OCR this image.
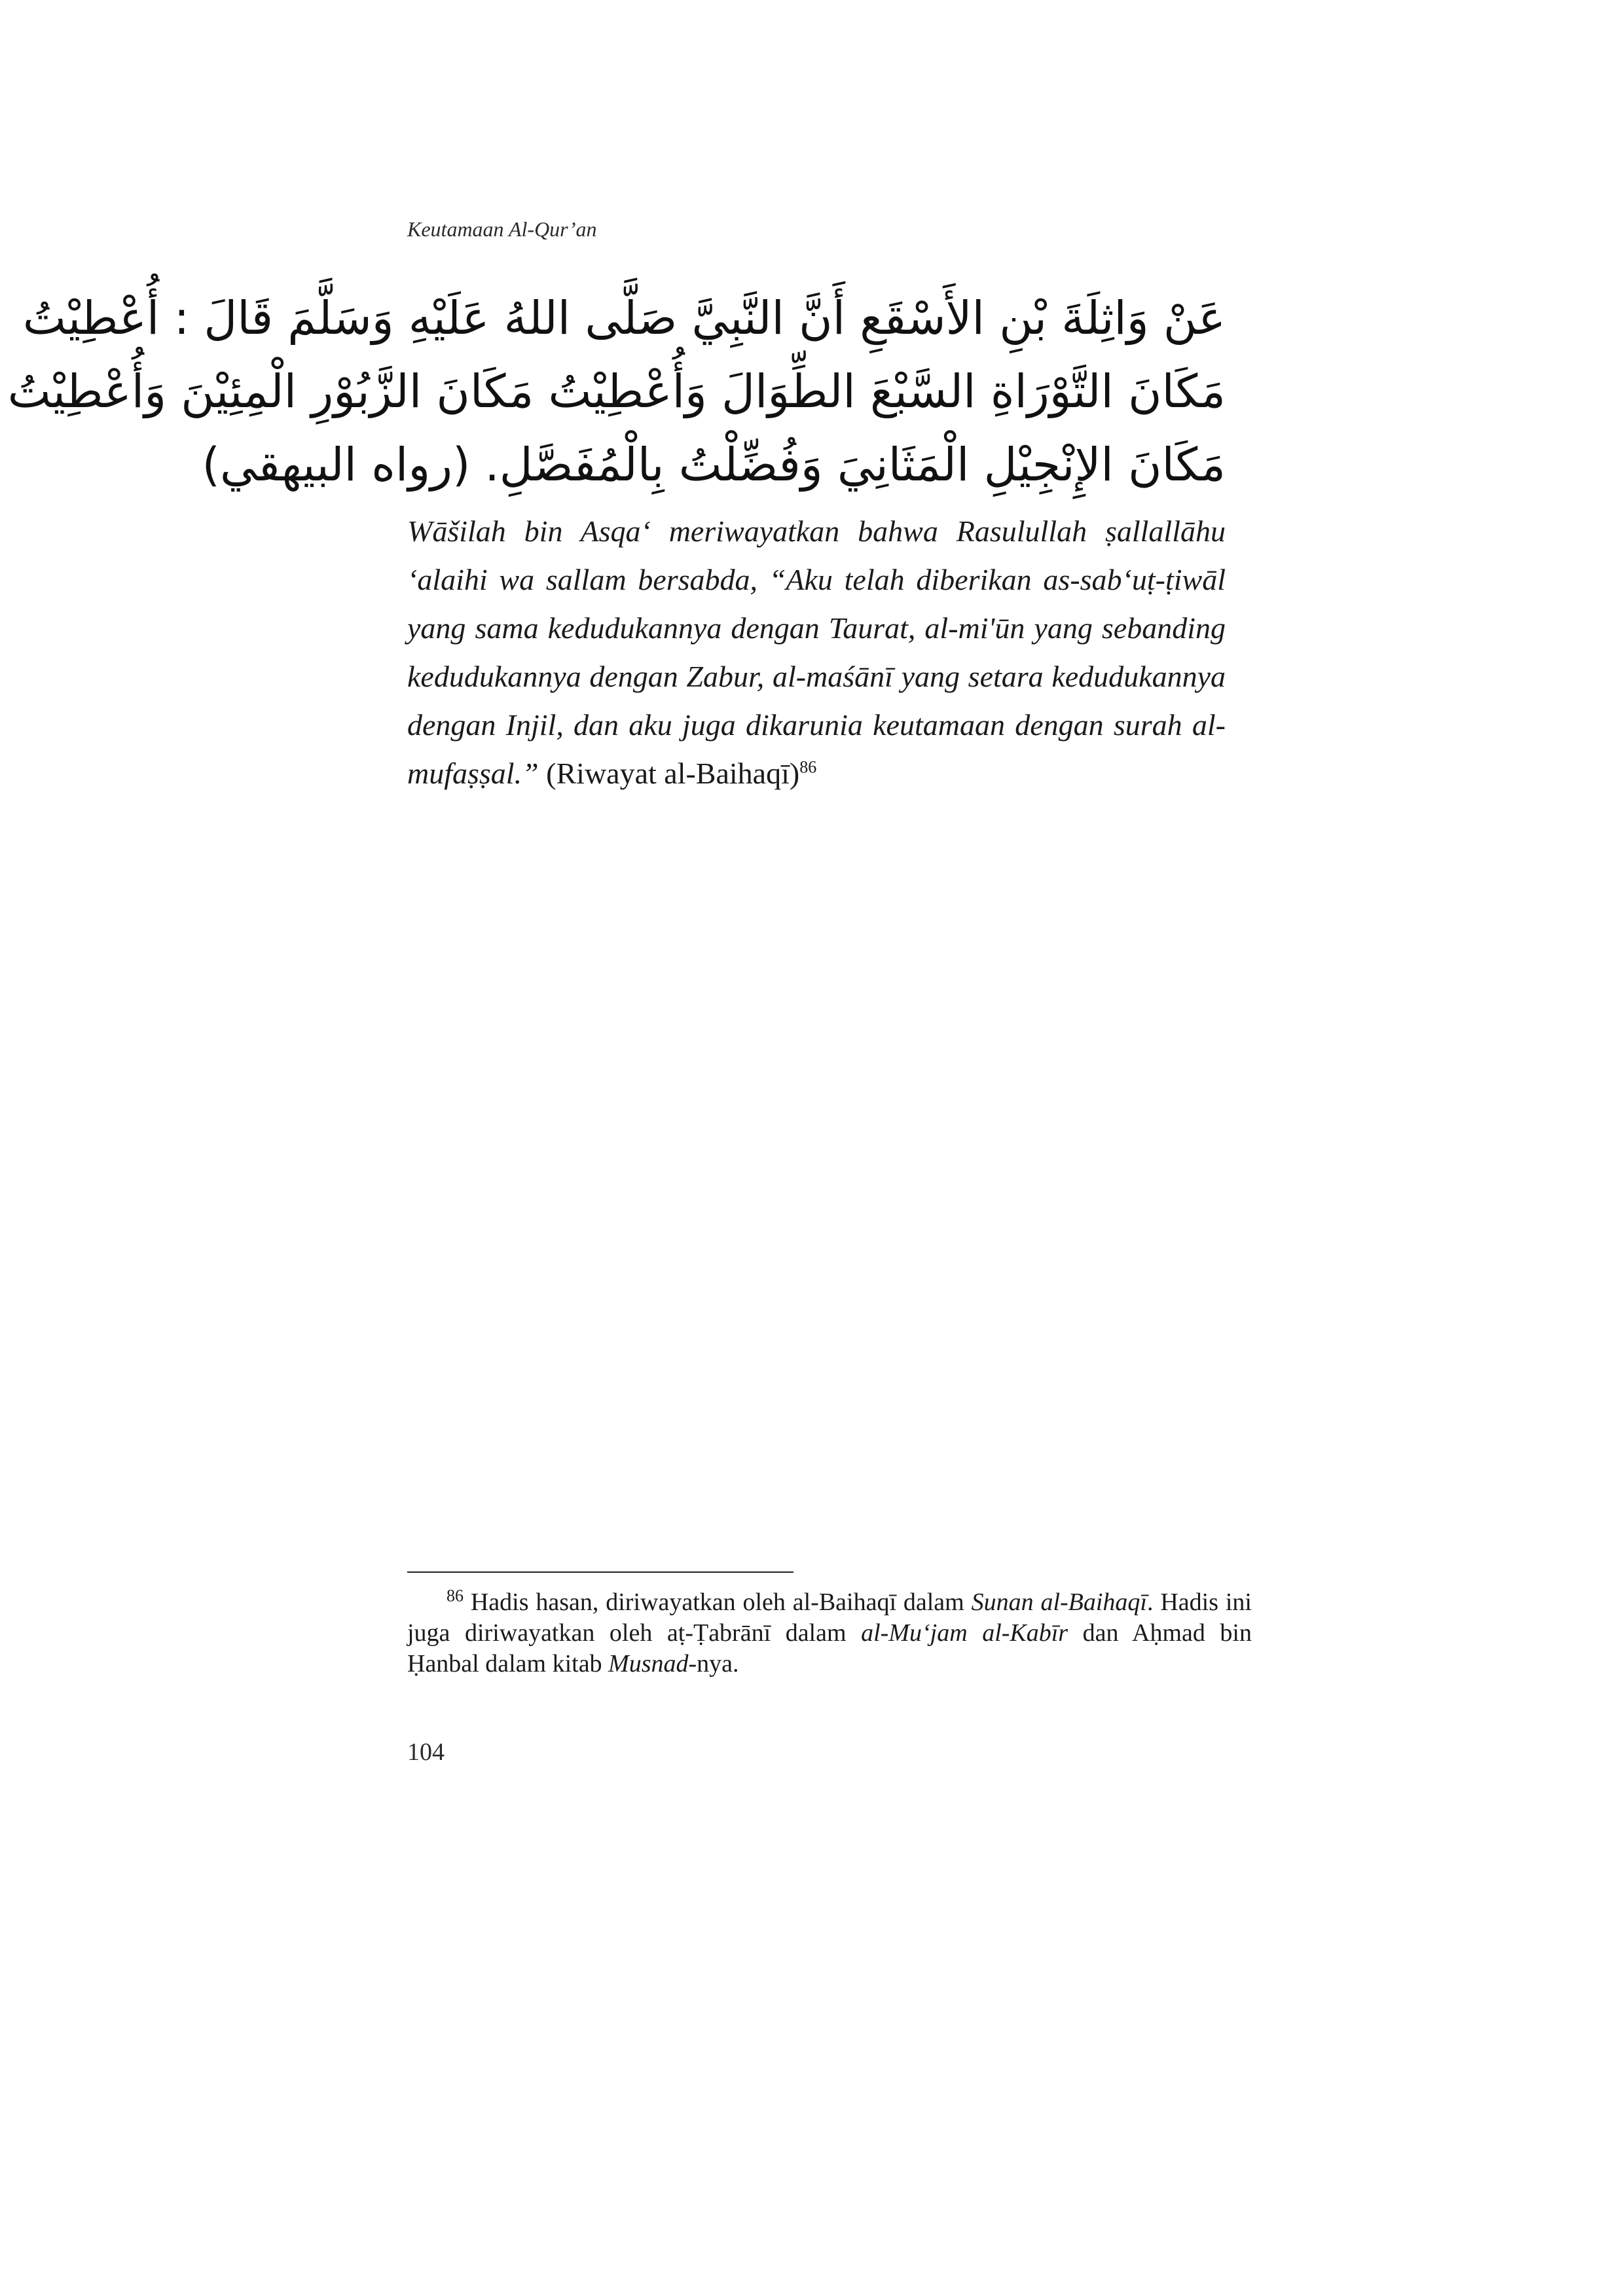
Keutamaan Al-Qur’an

عَنْ وَاثِلَةَ بْنِ الأَسْقَعِ أَنَّ النَّبِيَّ صَلَّى اللهُ عَلَيْهِ وَسَلَّمَ قَالَ : أُعْطِيْتُ
مَكَانَ التَّوْرَاةِ السَّبْعَ الطِّوَالَ وَأُعْطِيْتُ مَكَانَ الزَّبُوْرِ الْمِئِيْنَ وَأُعْطِيْتُ
مَكَانَ الإِنْجِيْلِ الْمَثَانِيَ وَفُضِّلْتُ بِالْمُفَصَّلِ. (رواه البيهقي)

Wāšilah bin Asqa‘ meriwayatkan bahwa Rasulullah ṣallallāhu ‘alaihi wa sallam bersabda, “Aku telah diberikan as-sab‘uṭ-ṭiwāl yang sama kedudukannya dengan Taurat, al-mi'ūn yang sebanding kedudukannya dengan Zabur, al-maśānī yang setara kedudukannya dengan Injil, dan aku juga dikarunia keutamaan dengan surah al-mufaṣṣal.” (Riwayat al-Baihaqī)$^{86}$

$^{86}$ Hadis hasan, diriwayatkan oleh al-Baihaqī dalam Sunan al-Baihaqī. Hadis ini juga diriwayatkan oleh aṭ-Ṭabrānī dalam al-Mu‘jam al-Kabīr dan Aḥmad bin Ḥanbal dalam kitab Musnad-nya.

104
